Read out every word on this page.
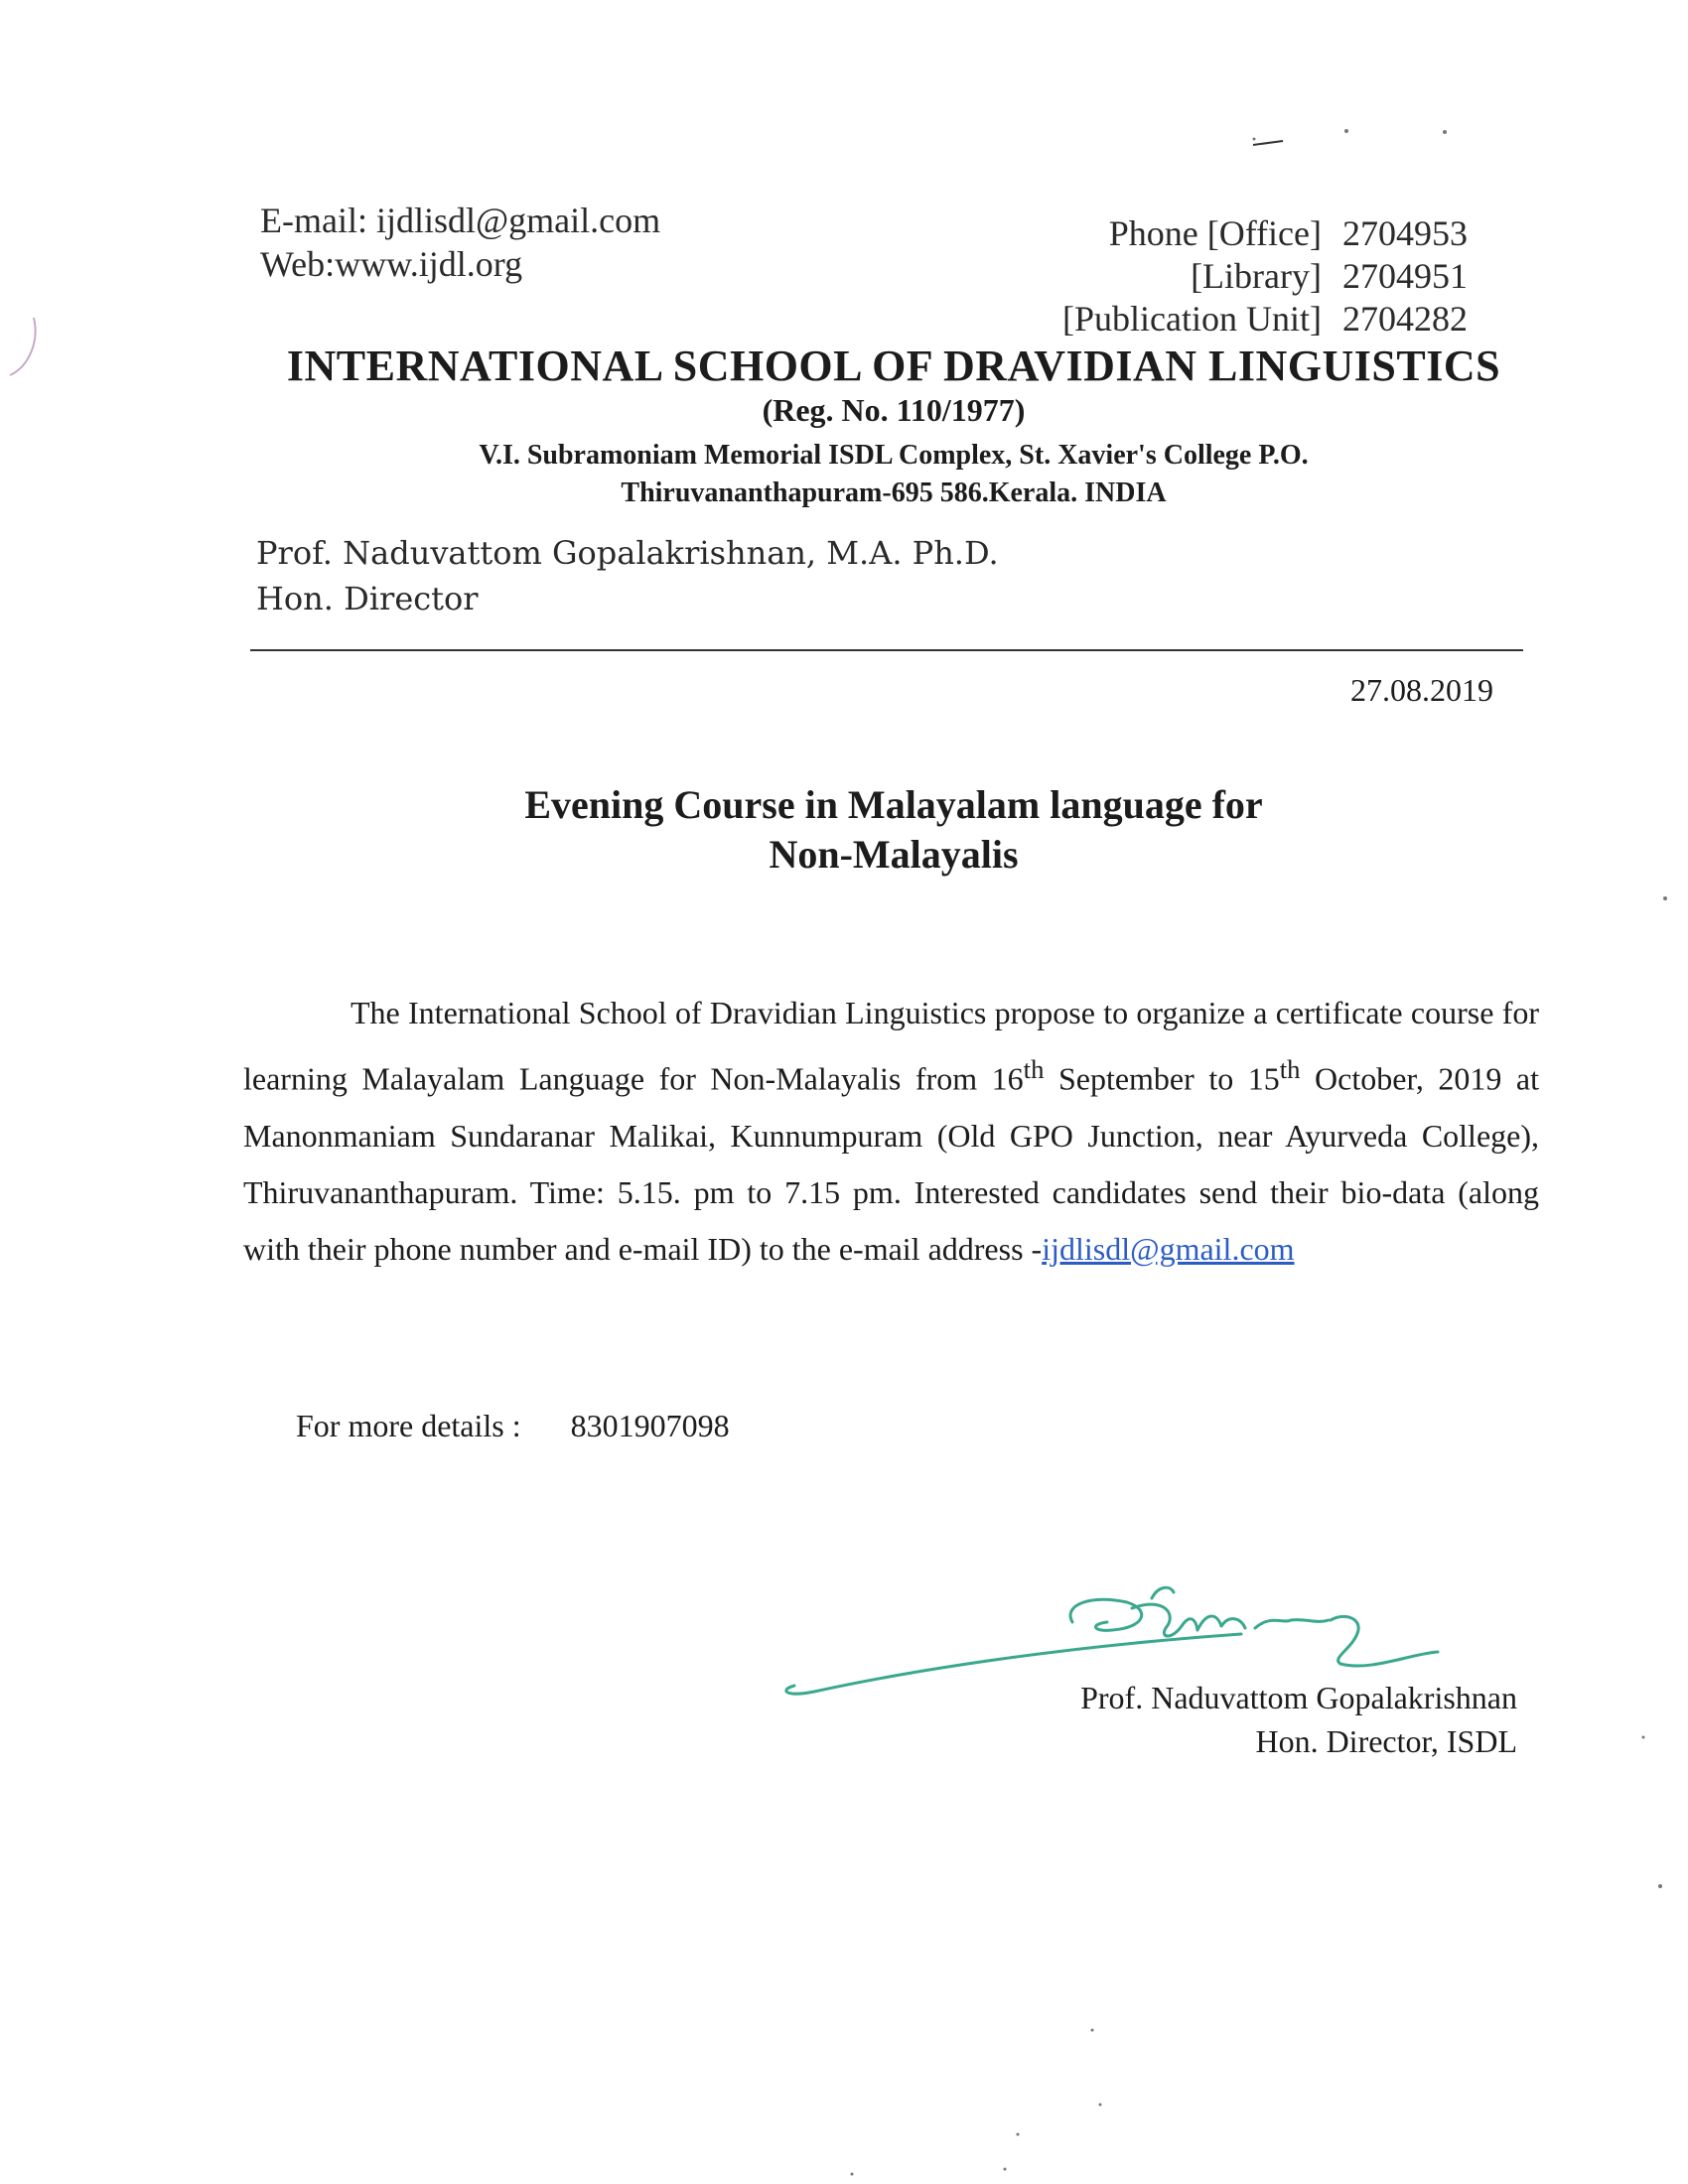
E-mail: ijdlisdl@gmail.com
Web:www.ijdl.org
Phone [Office] 2704953
[Library] 2704951
[Publication Unit] 2704282
INTERNATIONAL SCHOOL OF DRAVIDIAN LINGUISTICS
(Reg. No. 110/1977)
V.I. Subramoniam Memorial ISDL Complex, St. Xavier's College P.O.
Thiruvananthapuram-695 586.Kerala. INDIA
Prof. Naduvattom Gopalakrishnan, M.A. Ph.D.
Hon. Director
27.08.2019
Evening Course in Malayalam language for
Non-Malayalis
The International School of Dravidian Linguistics propose to organize a certificate course for learning Malayalam Language for Non-Malayalis from 16th September to 15th October, 2019 at Manonmaniam Sundaranar Malikai, Kunnumpuram (Old GPO Junction, near Ayurveda College), Thiruvananthapuram. Time: 5.15. pm to 7.15 pm. Interested candidates send their bio-data (along with their phone number and e-mail ID) to the e-mail address -ijdlisdl@gmail.com
For more details : 8301907098
Prof. Naduvattom Gopalakrishnan
Hon. Director, ISDL
